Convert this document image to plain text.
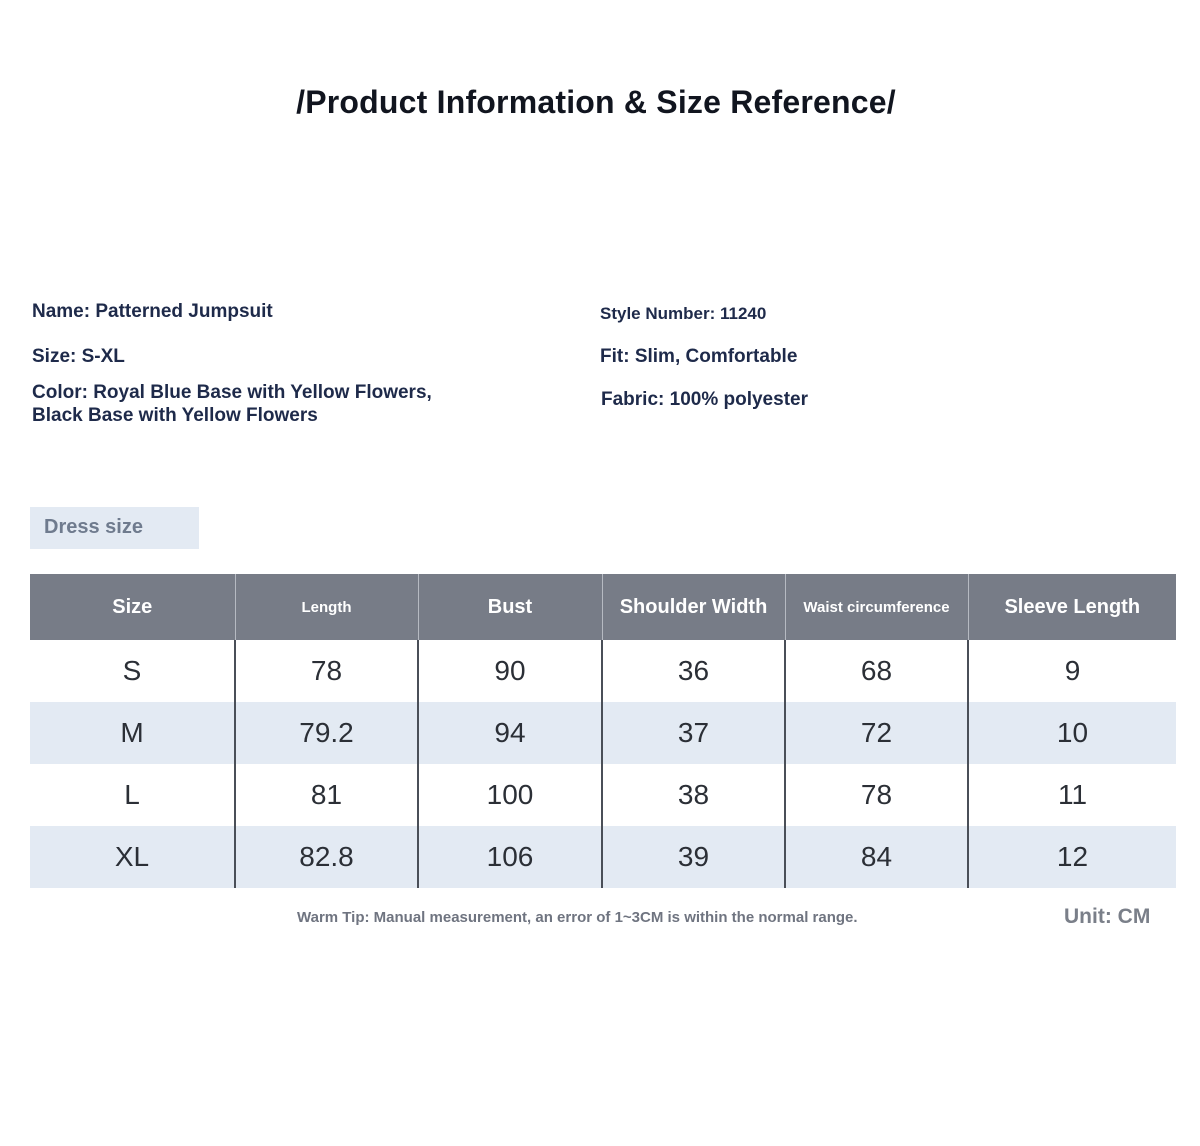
/Product Information & Size Reference/
Name: Patterned Jumpsuit	Style Number: 11240
Size: S-XL	Fit: Slim, Comfortable
Color: Royal Blue Base with Yellow Flowers,
Black Base with Yellow Flowers
Fabric: 100% polyester
Dress size
Size	Length	Bust	Shoulder Width	Waist circumference	Sleeve Length
S	78	90	36	68	9
M	79.2	94	37	72	10
L	81	100	38	78	11
XL	82.8	106	39	84	12
Warm Tip: Manual measurement, an error of 1~3CM is within the normal range.	Unit: CM
